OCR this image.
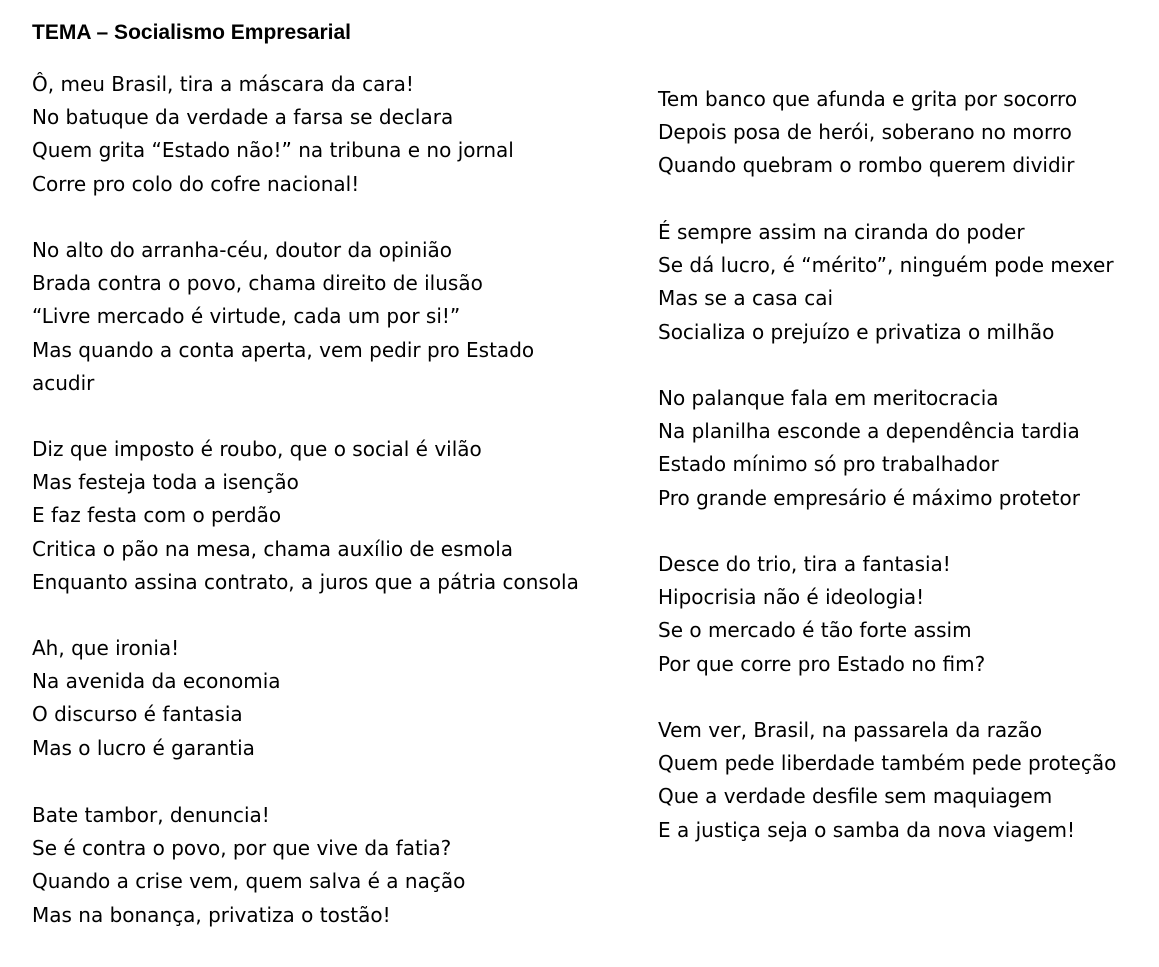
TEMA – Socialismo Empresarial
Ô, meu Brasil, tira a máscara da cara!
No batuque da verdade a farsa se declara
Quem grita “Estado não!” na tribuna e no jornal
Corre pro colo do cofre nacional!
No alto do arranha-céu, doutor da opinião
Brada contra o povo, chama direito de ilusão
“Livre mercado é virtude, cada um por si!”
Mas quando a conta aperta, vem pedir pro Estado acudir
Diz que imposto é roubo, que o social é vilão
Mas festeja toda a isenção
E faz festa com o perdão
Critica o pão na mesa, chama auxílio de esmola
Enquanto assina contrato, a juros que a pátria consola
Ah, que ironia!
Na avenida da economia
O discurso é fantasia
Mas o lucro é garantia
Bate tambor, denuncia!
Se é contra o povo, por que vive da fatia?
Quando a crise vem, quem salva é a nação
Mas na bonança, privatiza o tostão!
Tem banco que afunda e grita por socorro
Depois posa de herói, soberano no morro
Quando quebram o rombo querem dividir
É sempre assim na ciranda do poder
Se dá lucro, é “mérito”, ninguém pode mexer
Mas se a casa cai
Socializa o prejuízo e privatiza o milhão
No palanque fala em meritocracia
Na planilha esconde a dependência tardia
Estado mínimo só pro trabalhador
Pro grande empresário é máximo protetor
Desce do trio, tira a fantasia!
Hipocrisia não é ideologia!
Se o mercado é tão forte assim
Por que corre pro Estado no fim?
Vem ver, Brasil, na passarela da razão
Quem pede liberdade também pede proteção
Que a verdade desfile sem maquiagem
E a justiça seja o samba da nova viagem!
